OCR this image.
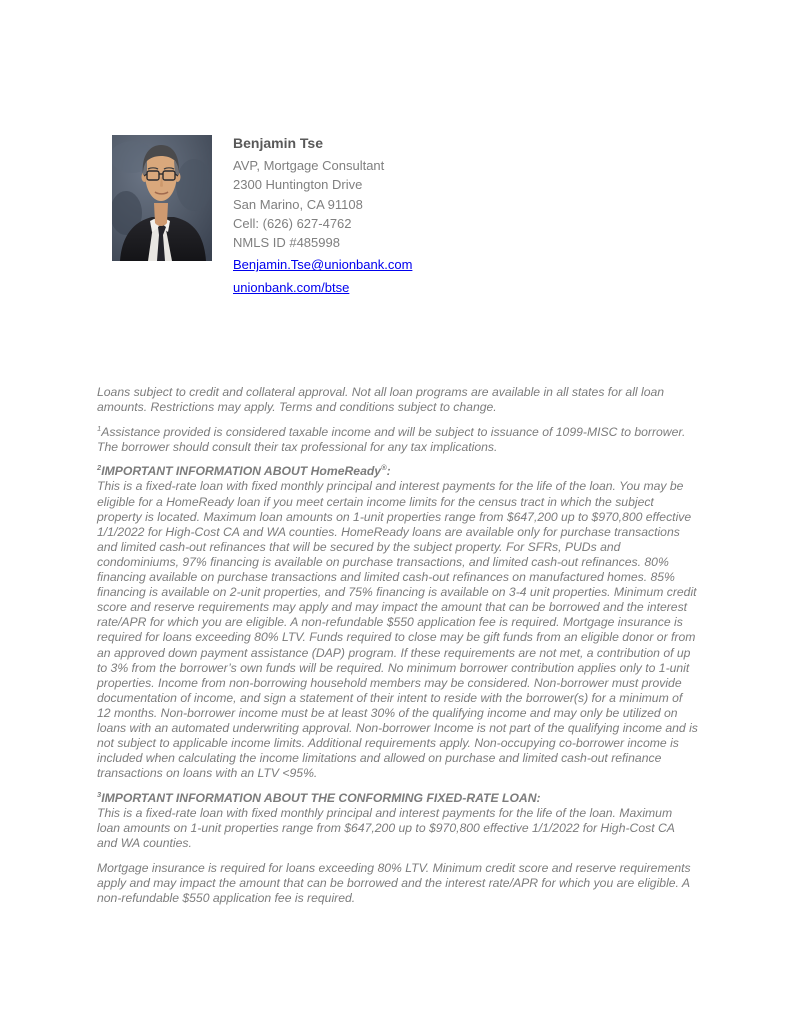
Benjamin Tse
AVP, Mortgage Consultant
2300 Huntington Drive
San Marino, CA 91108
Cell: (626) 627-4762
NMLS ID #485998
Benjamin.Tse@unionbank.com
unionbank.com/btse

Loans subject to credit and collateral approval. Not all loan programs are available in all states for all loan amounts. Restrictions may apply. Terms and conditions subject to change.

$^1$Assistance provided is considered taxable income and will be subject to issuance of 1099-MISC to borrower. The borrower should consult their tax professional for any tax implications.

$^2$IMPORTANT INFORMATION ABOUT HomeReady®:
This is a fixed-rate loan with fixed monthly principal and interest payments for the life of the loan. You may be eligible for a HomeReady loan if you meet certain income limits for the census tract in which the subject property is located. Maximum loan amounts on 1-unit properties range from $647,200 up to $970,800 effective 1/1/2022 for High-Cost CA and WA counties. HomeReady loans are available only for purchase transactions and limited cash-out refinances that will be secured by the subject property. For SFRs, PUDs and condominiums, 97% financing is available on purchase transactions, and limited cash-out refinances. 80% financing available on purchase transactions and limited cash-out refinances on manufactured homes. 85% financing is available on 2-unit properties, and 75% financing is available on 3-4 unit properties. Minimum credit score and reserve requirements may apply and may impact the amount that can be borrowed and the interest rate/APR for which you are eligible. A non-refundable $550 application fee is required. Mortgage insurance is required for loans exceeding 80% LTV. Funds required to close may be gift funds from an eligible donor or from an approved down payment assistance (DAP) program. If these requirements are not met, a contribution of up to 3% from the borrower’s own funds will be required. No minimum borrower contribution applies only to 1-unit properties. Income from non-borrowing household members may be considered. Non-borrower must provide documentation of income, and sign a statement of their intent to reside with the borrower(s) for a minimum of 12 months. Non-borrower income must be at least 30% of the qualifying income and may only be utilized on loans with an automated underwriting approval. Non-borrower Income is not part of the qualifying income and is not subject to applicable income limits. Additional requirements apply. Non-occupying co-borrower income is included when calculating the income limitations and allowed on purchase and limited cash-out refinance transactions on loans with an LTV <95%.

$^3$IMPORTANT INFORMATION ABOUT THE CONFORMING FIXED-RATE LOAN:
This is a fixed-rate loan with fixed monthly principal and interest payments for the life of the loan. Maximum loan amounts on 1-unit properties range from $647,200 up to $970,800 effective 1/1/2022 for High-Cost CA and WA counties.

Mortgage insurance is required for loans exceeding 80% LTV. Minimum credit score and reserve requirements apply and may impact the amount that can be borrowed and the interest rate/APR for which you are eligible. A non-refundable $550 application fee is required.
